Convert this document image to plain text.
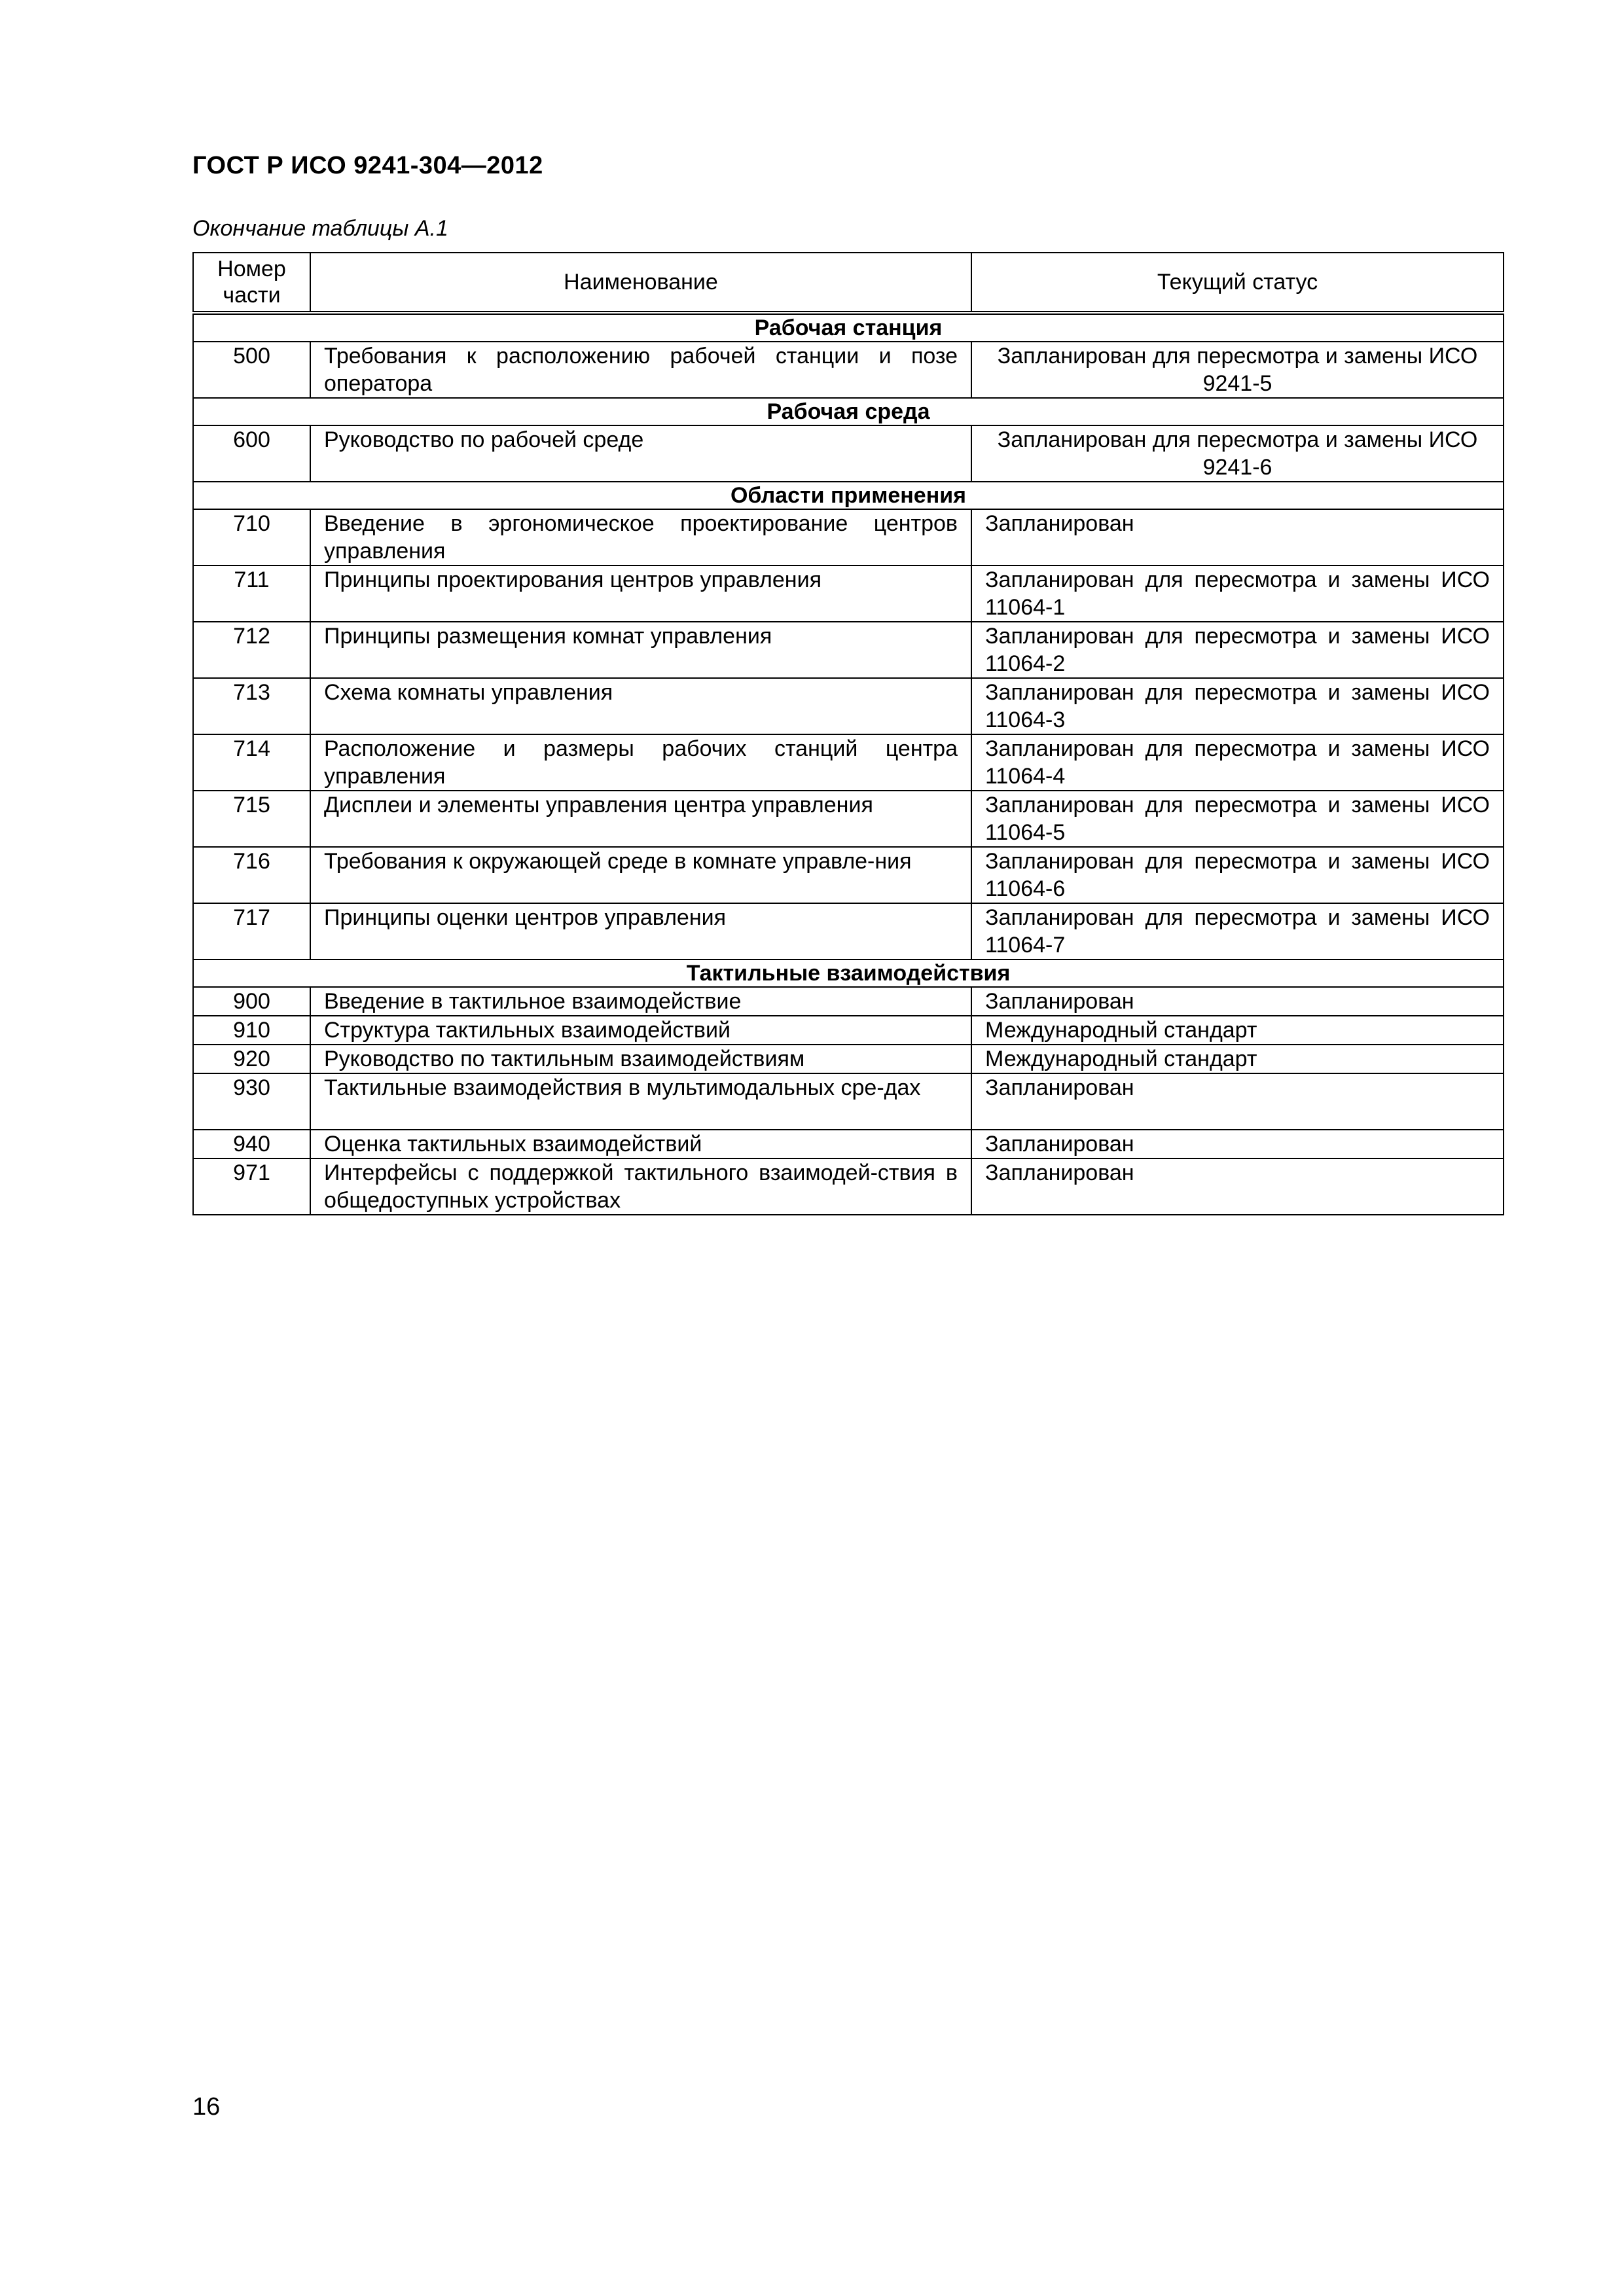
ГОСТ Р ИСО 9241-304—2012
Окончание таблицы А.1
Номер
части	Наименование	Текущий статус
Рабочая станция		
500	Требования к расположению рабочей станции и позе оператора	Запланирован для пересмотра и замены ИСО 9241-5
Рабочая среда		
600	Руководство по рабочей среде	Запланирован для пересмотра и замены ИСО 9241-6
Области применения		
710	Введение в эргономическое проектирование центров управления	Запланирован
711	Принципы проектирования центров управления	Запланирован для пересмотра и замены ИСО 11064-1
712	Принципы размещения комнат управления	Запланирован для пересмотра и замены ИСО 11064-2
713	Схема комнаты управления	Запланирован для пересмотра и замены ИСО 11064-3
714	Расположение и размеры рабочих станций центра управления	Запланирован для пересмотра и замены ИСО 11064-4
715	Дисплеи и элементы управления центра управления	Запланирован для пересмотра и замены ИСО 11064-5
716	Требования к окружающей среде в комнате управле-ния	Запланирован для пересмотра и замены ИСО 11064-6
717	Принципы оценки центров управления	Запланирован для пересмотра и замены ИСО 11064-7
Тактильные взаимодействия		
900	Введение в тактильное взаимодействие	Запланирован
910	Структура тактильных взаимодействий	Международный стандарт
920	Руководство по тактильным взаимодействиям	Международный стандарт
930	Тактильные взаимодействия в мультимодальных сре-дах	Запланирован
940	Оценка тактильных взаимодействий	Запланирован
971	Интерфейсы с поддержкой тактильного взаимодей-ствия в общедоступных устройствах	Запланирован
16
